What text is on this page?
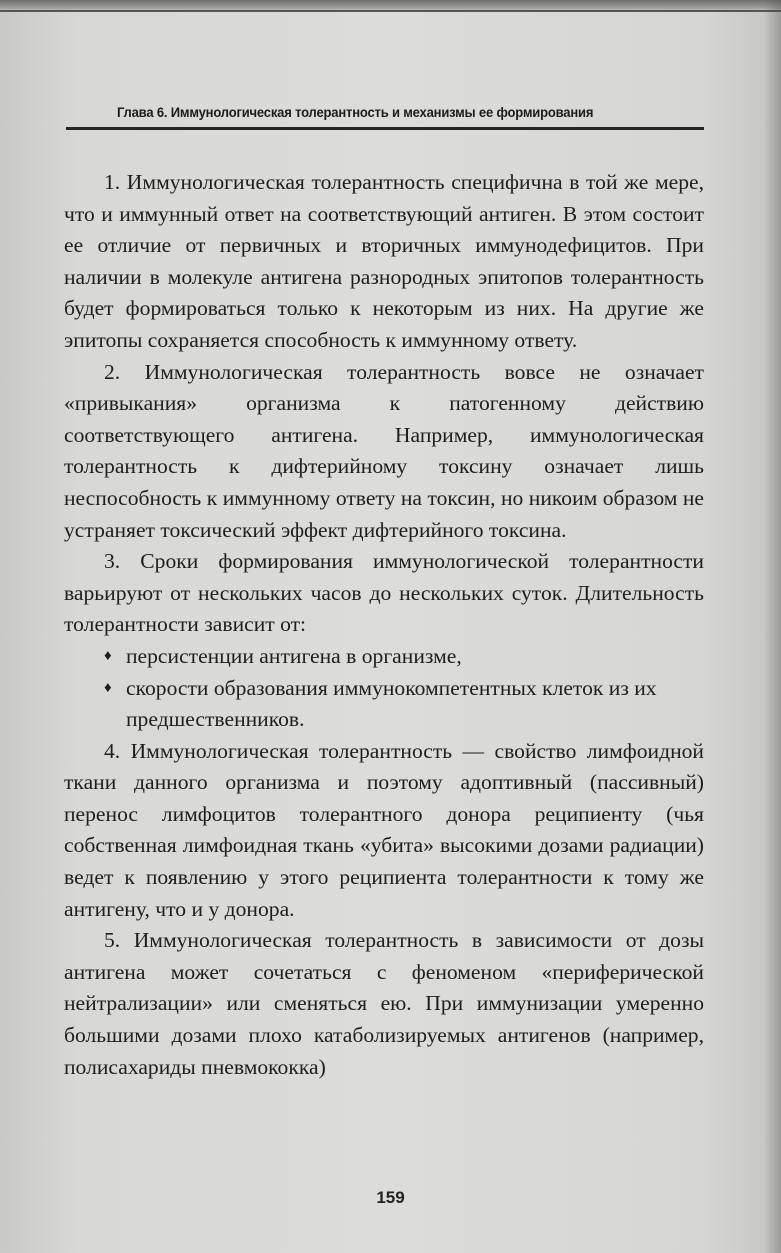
Глава 6. Иммунологическая толерантность и механизмы ее формирования

1. Иммунологическая толерантность специфична в той же мере, что и иммунный ответ на соответствующий антиген. В этом состоит ее отличие от первичных и вторичных иммунодефицитов. При наличии в молекуле антигена разнородных эпитопов толерантность будет формироваться только к некоторым из них. На другие же эпитопы сохраняется способность к иммунному ответу.

2. Иммунологическая толерантность вовсе не означает «привыкания» организма к патогенному действию соответствующего антигена. Например, иммунологическая толерантность к дифтерийному токсину означает лишь неспособность к иммунному ответу на токсин, но никоим образом не устраняет токсический эффект дифтерийного токсина.

3. Сроки формирования иммунологической толерантности варьируют от нескольких часов до нескольких суток. Длительность толерантности зависит от:

♦ персистенции антигена в организме,
♦ скорости образования иммунокомпетентных клеток из их предшественников.

4. Иммунологическая толерантность — свойство лимфоидной ткани данного организма и поэтому адоптивный (пассивный) перенос лимфоцитов толерантного донора реципиенту (чья собственная лимфоидная ткань «убита» высокими дозами радиации) ведет к появлению у этого реципиента толерантности к тому же антигену, что и у донора.

5. Иммунологическая толерантность в зависимости от дозы антигена может сочетаться с феноменом «периферической нейтрализации» или сменяться ею. При иммунизации умеренно большими дозами плохо катаболизируемых антигенов (например, полисахариды пневмококка)

159
